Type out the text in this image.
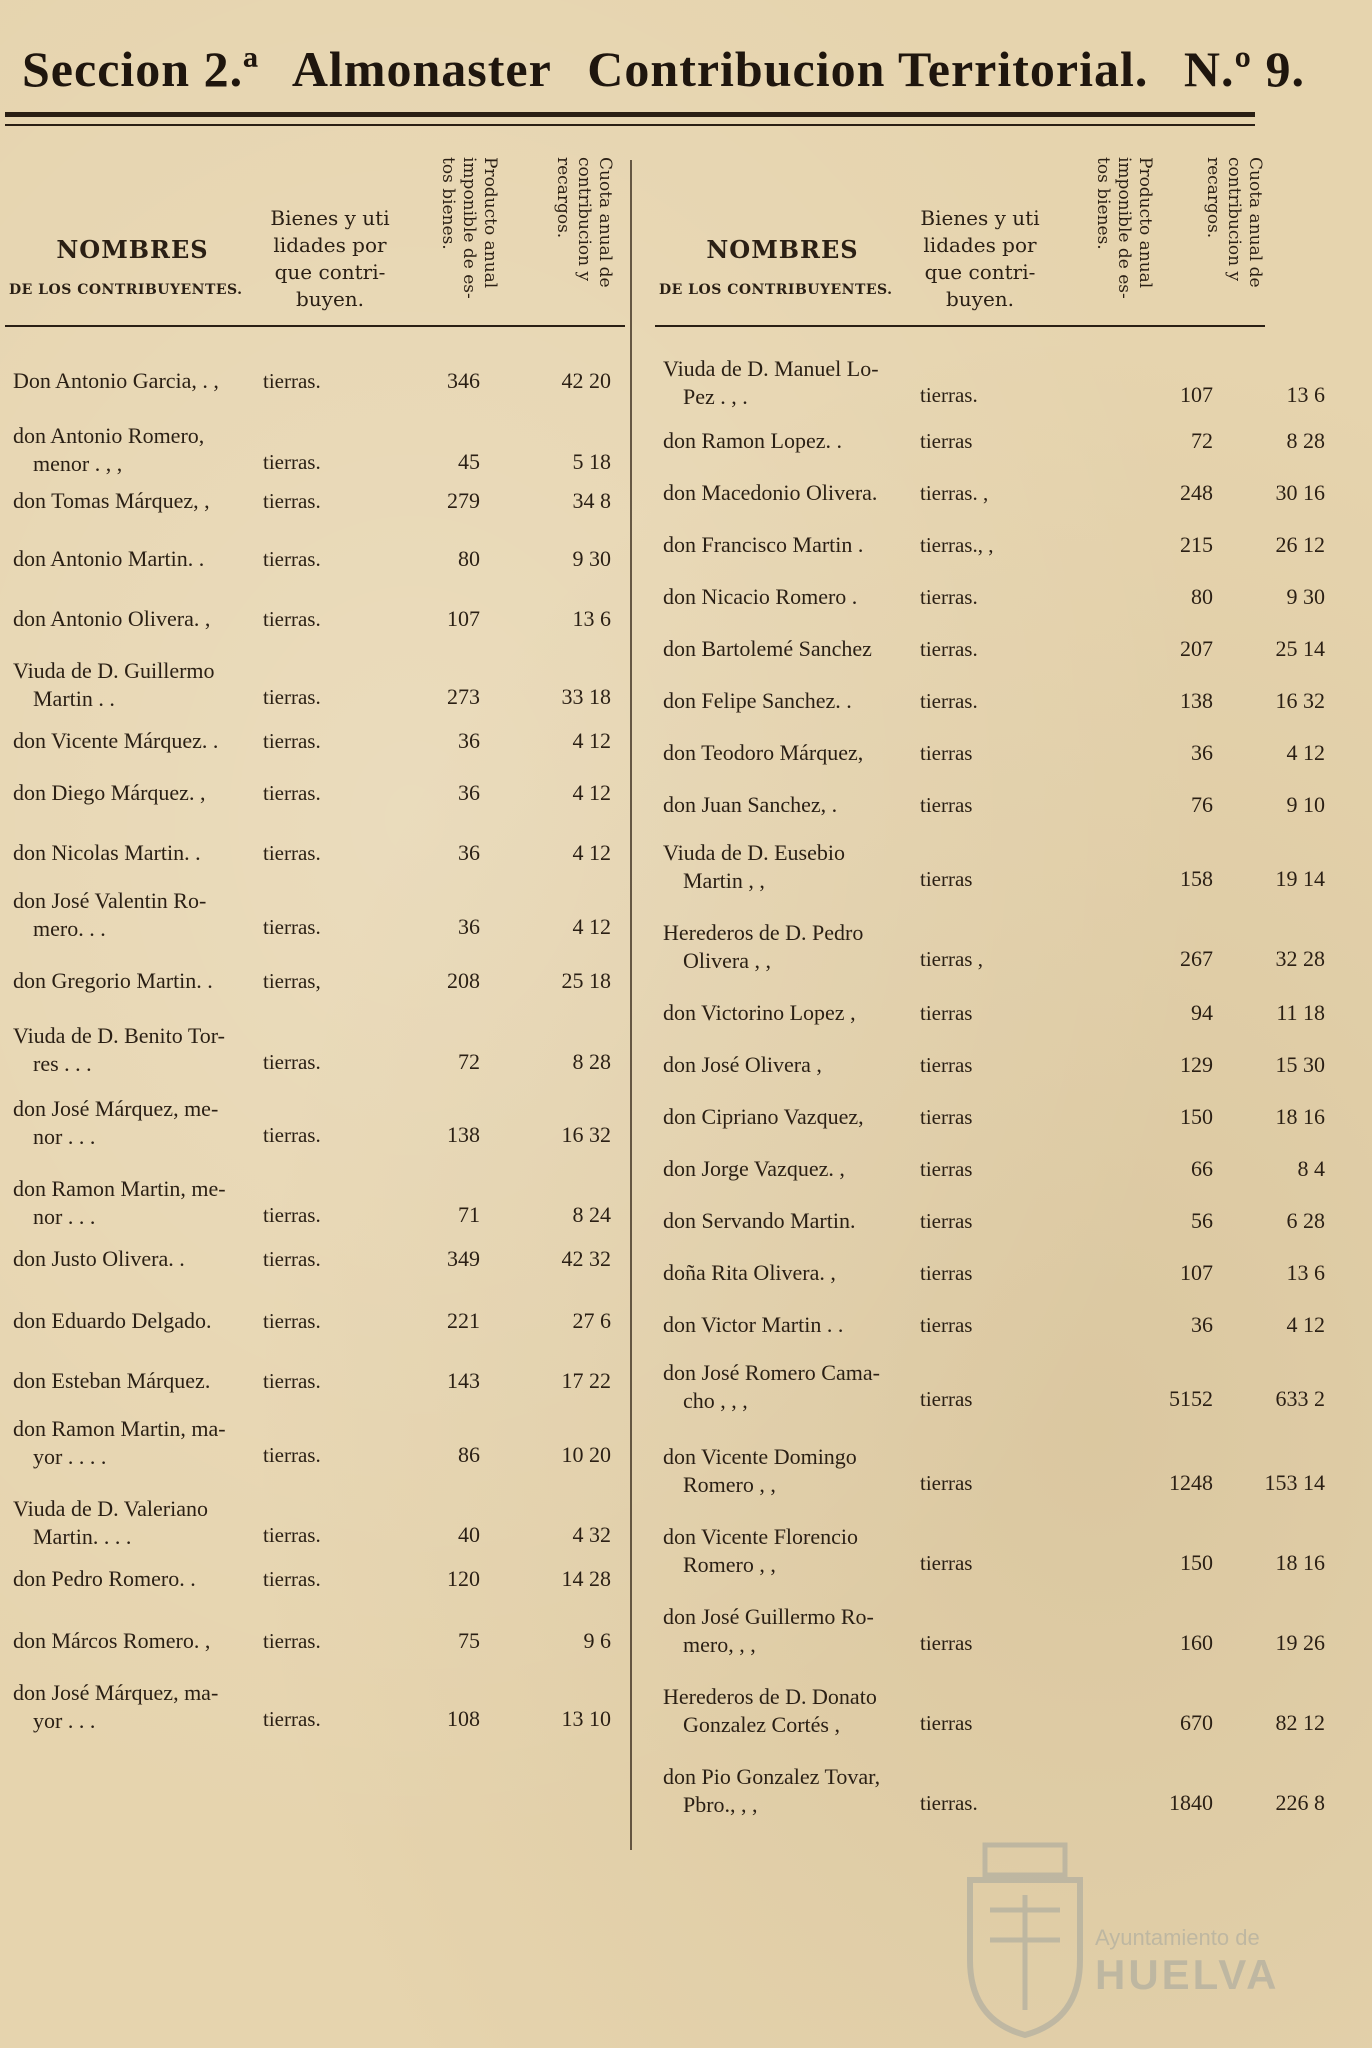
Seccion 2.ª Almonaster Contribucion Territorial. N.º 9.
NOMBRES
DE LOS CONTRIBUYENTES.
Bienes y uti lidades por que contri- buyen.
Producto anual imponible de es- tos bienes.	Cuota anual de contribucion y recargos.
Don Antonio Garcia, . ,	tierras.	346	42 20
don Antonio Romero,
menor . , ,	tierras.	45	5 18
don Tomas Márquez, ,	tierras.	279	34 8
don Antonio Martin. .	tierras.	80	9 30
don Antonio Olivera. ,	tierras.	107	13 6
Viuda de D. Guillermo
Martin . .	tierras.	273	33 18
don Vicente Márquez. .	tierras.	36	4 12
don Diego Márquez. ,	tierras.	36	4 12
don Nicolas Martin. .	tierras.	36	4 12
don José Valentin Ro-
mero. . .	tierras.	36	4 12
don Gregorio Martin. .	tierras,	208	25 18
Viuda de D. Benito Tor-
res . . .	tierras.	72	8 28
don José Márquez, me-
nor . . .	tierras.	138	16 32
don Ramon Martin, me-
nor . . .	tierras.	71	8 24
don Justo Olivera. .	tierras.	349	42 32
don Eduardo Delgado.	tierras.	221	27 6
don Esteban Márquez.	tierras.	143	17 22
don Ramon Martin, ma-
yor . . . .	tierras.	86	10 20
Viuda de D. Valeriano
Martin. . . .	tierras.	40	4 32
don Pedro Romero. .	tierras.	120	14 28
don Márcos Romero. ,	tierras.	75	9 6
don José Márquez, ma-
yor . . .	tierras.	108	13 10
NOMBRES
DE LOS CONTRIBUYENTES.
Bienes y uti lidades por que contri- buyen.
Producto anual imponible de es- tos bienes.	Cuota anual de contribucion y recargos.
Viuda de D. Manuel Lo-
Pez . , .	tierras.	107	13 6
don Ramon Lopez. .	tierras	72	8 28
don Macedonio Olivera.	tierras. ,	248	30 16
don Francisco Martin .	tierras., ,	215	26 12
don Nicacio Romero .	tierras.	80	9 30
don Bartolemé Sanchez	tierras.	207	25 14
don Felipe Sanchez. .	tierras.	138	16 32
don Teodoro Márquez,	tierras	36	4 12
don Juan Sanchez, .	tierras	76	9 10
Viuda de D. Eusebio
Martin , ,	tierras	158	19 14
Herederos de D. Pedro
Olivera , ,	tierras ,	267	32 28
don Victorino Lopez ,	tierras	94	11 18
don José Olivera ,	tierras	129	15 30
don Cipriano Vazquez,	tierras	150	18 16
don Jorge Vazquez. ,	tierras	66	8 4
don Servando Martin.	tierras	56	6 28
doña Rita Olivera. ,	tierras	107	13 6
don Victor Martin . .	tierras	36	4 12
don José Romero Cama-
cho , , ,	tierras	5152	633 2
don Vicente Domingo
Romero , ,	tierras	1248	153 14
don Vicente Florencio
Romero , ,	tierras	150	18 16
don José Guillermo Ro-
mero, , ,	tierras	160	19 26
Herederos de D. Donato
Gonzalez Cortés ,	tierras	670	82 12
don Pio Gonzalez Tovar,
Pbro., , ,	tierras.	1840	226 8
Ayuntamiento de
HUELVA
